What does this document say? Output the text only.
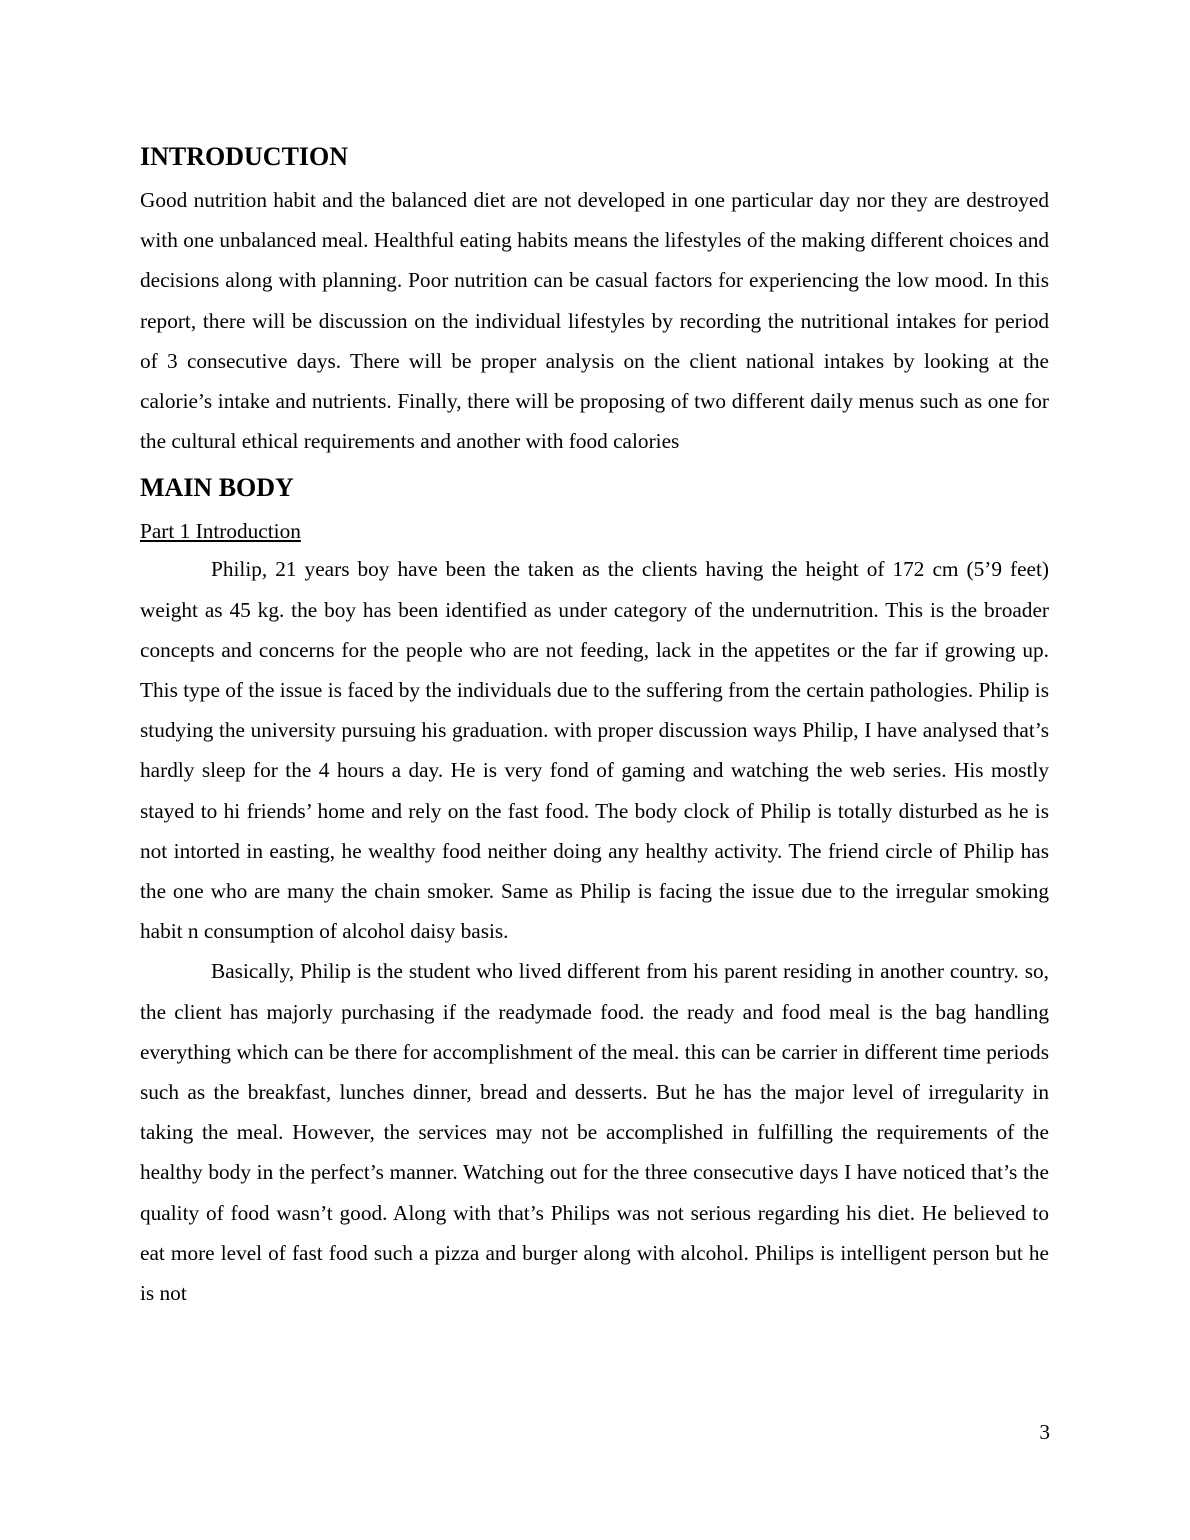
INTRODUCTION

Good nutrition habit and the balanced diet are not developed in one particular day nor they are destroyed with one unbalanced meal. Healthful eating habits means the lifestyles of the making different choices and decisions along with planning. Poor nutrition can be casual factors for experiencing the low mood. In this report, there will be discussion on the individual lifestyles by recording the nutritional intakes for period of 3 consecutive days. There will be proper analysis on the client national intakes by looking at the calorie’s intake and nutrients. Finally, there will be proposing of two different daily menus such as one for the cultural ethical requirements and another with food calories

MAIN BODY
Part 1 Introduction

Philip, 21 years boy have been the taken as the clients having the height of 172 cm (5’9 feet) weight as 45 kg. the boy has been identified as under category of the undernutrition. This is the broader concepts and concerns for the people who are not feeding, lack in the appetites or the far if growing up. This type of the issue is faced by the individuals due to the suffering from the certain pathologies. Philip is studying the university pursuing his graduation. with proper discussion ways Philip, I have analysed that’s hardly sleep for the 4 hours a day. He is very fond of gaming and watching the web series. His mostly stayed to hi friends’ home and rely on the fast food. The body clock of Philip is totally disturbed as he is not intorted in easting, he wealthy food neither doing any healthy activity. The friend circle of Philip has the one who are many the chain smoker. Same as Philip is facing the issue due to the irregular smoking habit n consumption of alcohol daisy basis.

Basically, Philip is the student who lived different from his parent residing in another country. so, the client has majorly purchasing if the readymade food. the ready and food meal is the bag handling everything which can be there for accomplishment of the meal. this can be carrier in different time periods such as the breakfast, lunches dinner, bread and desserts. But he has the major level of irregularity in taking the meal. However, the services may not be accomplished in fulfilling the requirements of the healthy body in the perfect’s manner. Watching out for the three consecutive days I have noticed that’s the quality of food wasn’t good. Along with that’s Philips was not serious regarding his diet. He believed to eat more level of fast food such a pizza and burger along with alcohol. Philips is intelligent person but he is not

3
